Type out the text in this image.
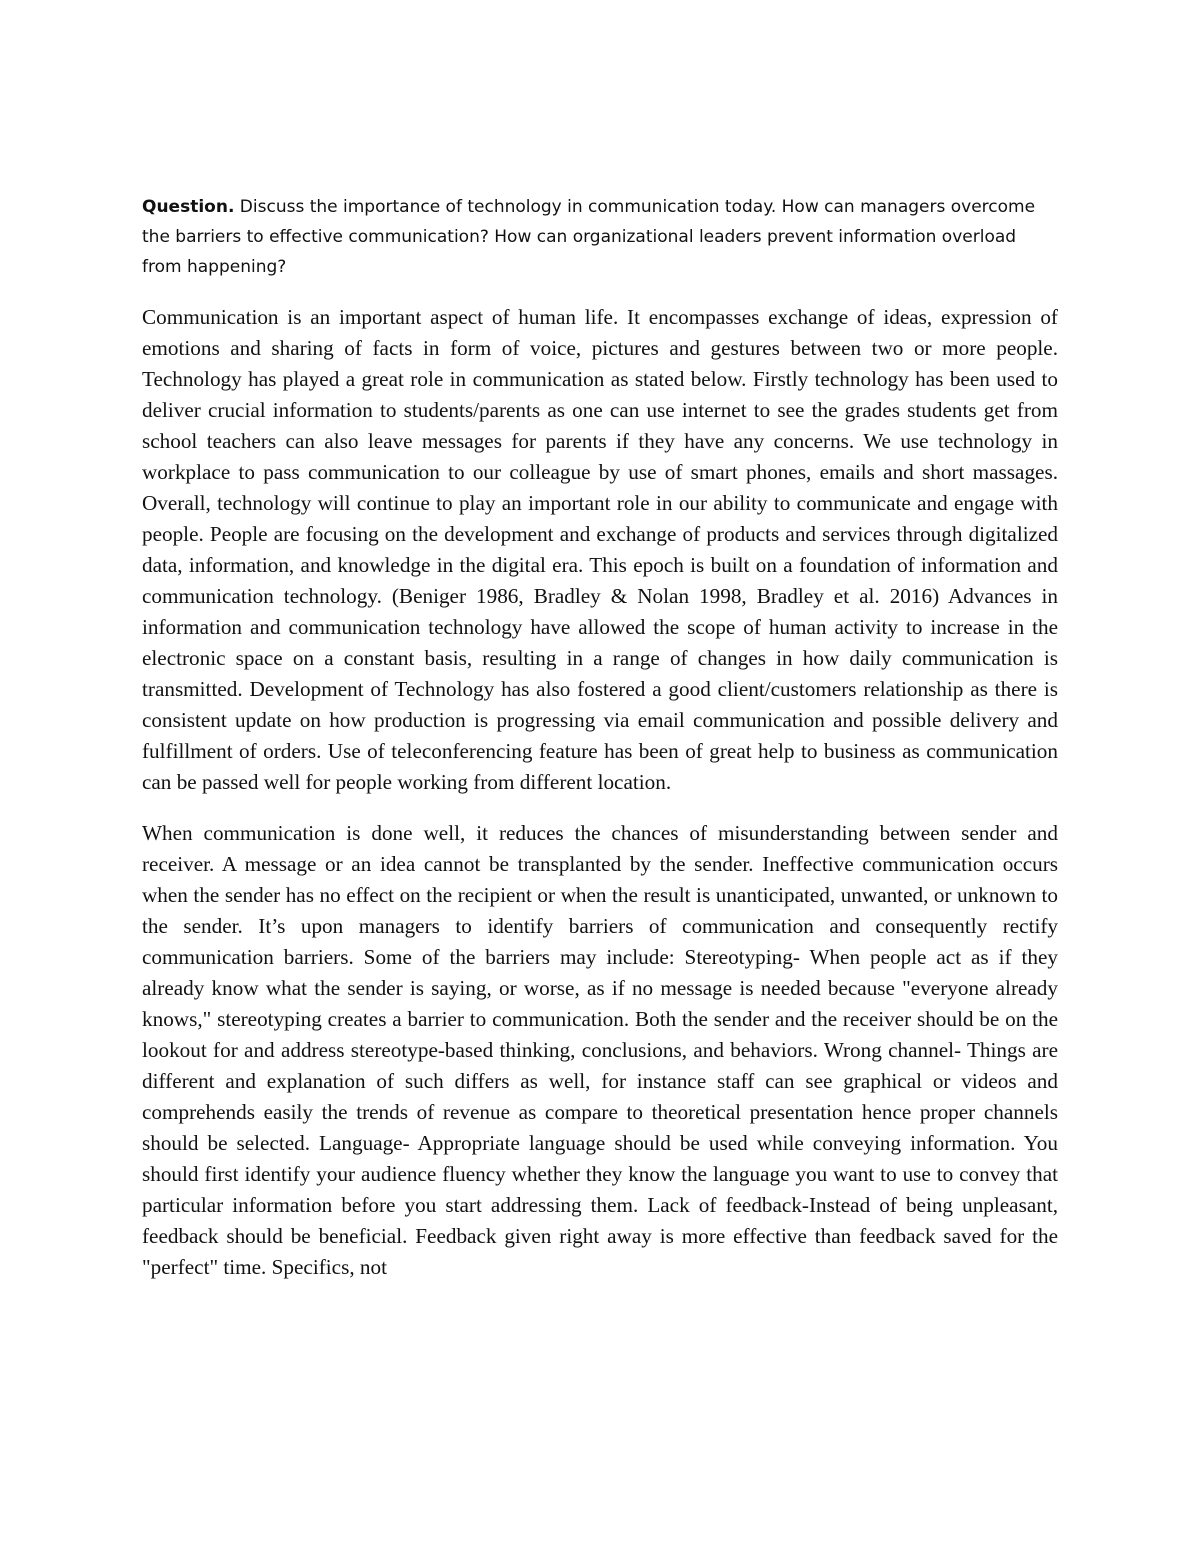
Question. Discuss the importance of technology in communication today. How can managers overcome the barriers to effective communication? How can organizational leaders prevent information overload from happening?

Communication is an important aspect of human life. It encompasses exchange of ideas, expression of emotions and sharing of facts in form of voice, pictures and gestures between two or more people. Technology has played a great role in communication as stated below. Firstly technology has been used to deliver crucial information to students/parents as one can use internet to see the grades students get from school teachers can also leave messages for parents if they have any concerns. We use technology in workplace to pass communication to our colleague by use of smart phones, emails and short massages. Overall, technology will continue to play an important role in our ability to communicate and engage with people. People are focusing on the development and exchange of products and services through digitalized data, information, and knowledge in the digital era. This epoch is built on a foundation of information and communication technology. (Beniger 1986, Bradley & Nolan 1998, Bradley et al. 2016) Advances in information and communication technology have allowed the scope of human activity to increase in the electronic space on a constant basis, resulting in a range of changes in how daily communication is transmitted. Development of Technology has also fostered a good client/customers relationship as there is consistent update on how production is progressing via email communication and possible delivery and fulfillment of orders. Use of teleconferencing feature has been of great help to business as communication can be passed well for people working from different location.

When communication is done well, it reduces the chances of misunderstanding between sender and receiver. A message or an idea cannot be transplanted by the sender. Ineffective communication occurs when the sender has no effect on the recipient or when the result is unanticipated, unwanted, or unknown to the sender. It’s upon managers to identify barriers of communication and consequently rectify communication barriers. Some of the barriers may include: Stereotyping- When people act as if they already know what the sender is saying, or worse, as if no message is needed because "everyone already knows," stereotyping creates a barrier to communication. Both the sender and the receiver should be on the lookout for and address stereotype-based thinking, conclusions, and behaviors. Wrong channel- Things are different and explanation of such differs as well, for instance staff can see graphical or videos and comprehends easily the trends of revenue as compare to theoretical presentation hence proper channels should be selected. Language- Appropriate language should be used while conveying information. You should first identify your audience fluency whether they know the language you want to use to convey that particular information before you start addressing them. Lack of feedback-Instead of being unpleasant, feedback should be beneficial. Feedback given right away is more effective than feedback saved for the "perfect" time. Specifics, not
